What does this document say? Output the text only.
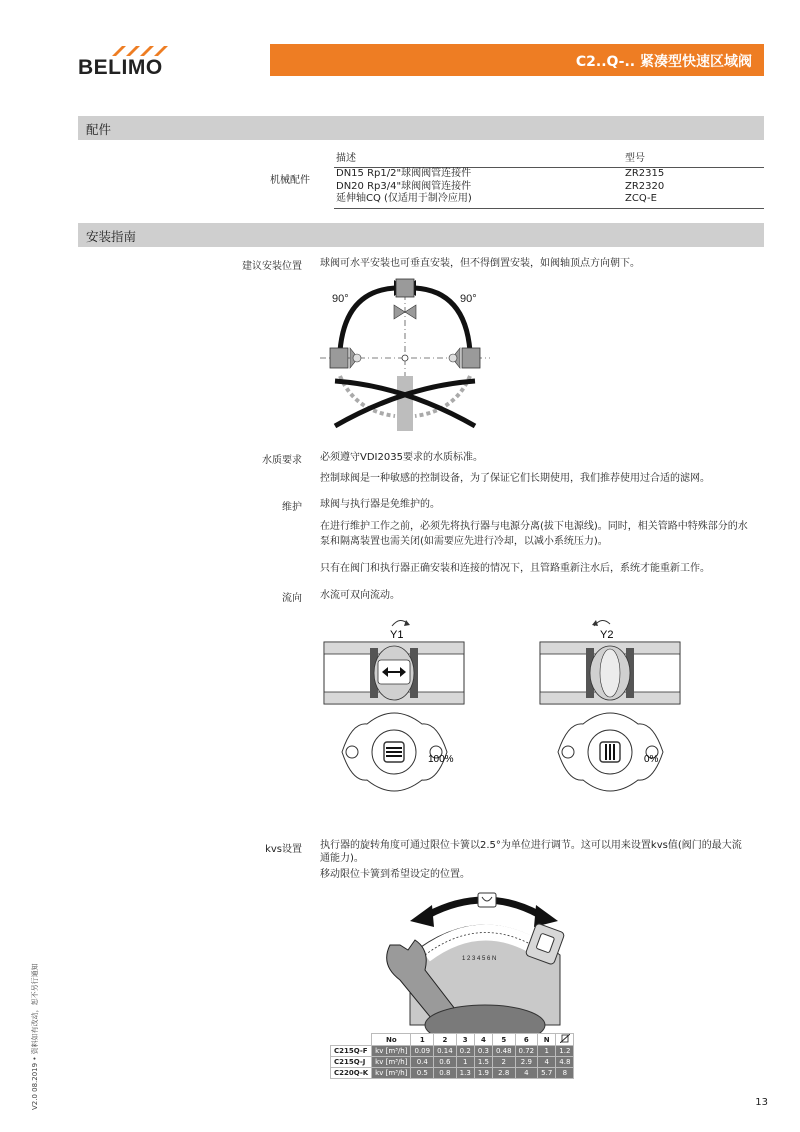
BELIMO	C2..Q-.. 紧凑型快速区域阀
配件
机械配件
描述	型号
DN15 Rp1/2"球阀阀管连接件	ZR2315
DN20 Rp3/4"球阀阀管连接件	ZR2320
延伸轴CQ (仅适用于制冷应用)	ZCQ-E
安装指南
建议安装位置 球阀可水平安装也可垂直安装，但不得倒置安装，如阀轴顶点方向朝下。
90°	90°
水质要求 必须遵守VDI2035要求的水质标准。
控制球阀是一种敏感的控制设备，为了保证它们长期使用，我们推荐使用过合适的滤网。
维护 球阀与执行器是免维护的。
在进行维护工作之前，必须先将执行器与电源分离(拔下电源线)。同时，相关管路中特殊部分的水泵和隔离装置也需关闭(如需要应先进行冷却，以减小系统压力)。
只有在阀门和执行器正确安装和连接的情况下，且管路重新注水后，系统才能重新工作。
流向 水流可双向流动。
Y1
100%
Y2
0%
kvs设置 执行器的旋转角度可通过限位卡簧以2.5°为单位进行调节。这可以用来设置kvs值(阀门的最大流通能力)。
移动限位卡簧到希望设定的位置。
1 2 3 4 5 6 N
	No	1	2	3	4	5	6	N	
C215Q-F	kv [m³/h]	0.09	0.14	0.2	0.3	0.48	0.72	1	1.2
C215Q-J	kv [m³/h]	0.4	0.6	1	1.5	2	2.9	4	4.8
C220Q-K	kv [m³/h]	0.5	0.8	1.3	1.9	2.8	4	5.7	8
V2.0 08.2019 • 资料如有改动，恕不另行通知	13
